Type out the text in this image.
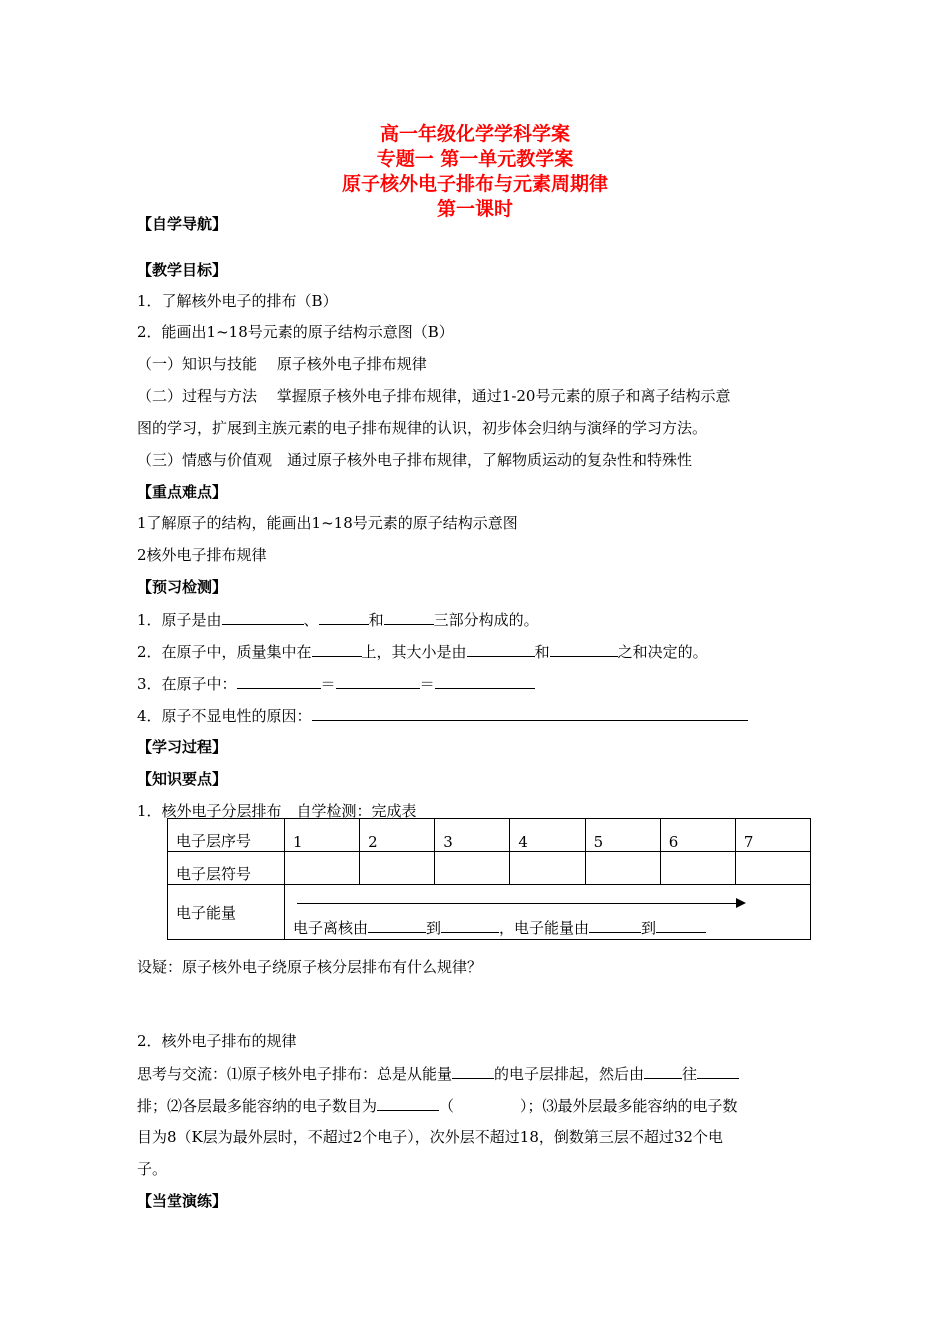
高一年级化学学科学案
专题一 第一单元教学案
原子核外电子排布与元素周期律
第一课时
【自学导航】
【教学目标】
1．了解核外电子的排布（B）
2．能画出1~18号元素的原子结构示意图（B）
（一）知识与技能　 原子核外电子排布规律
（二）过程与方法　 掌握原子核外电子排布规律，通过1-20号元素的原子和离子结构示意
图的学习，扩展到主族元素的电子排布规律的认识，初步体会归纳与演绎的学习方法。
（三）情感与价值观　通过原子核外电子排布规律，了解物质运动的复杂性和特殊性
【重点难点】
1了解原子的结构，能画出1~18号元素的原子结构示意图
2核外电子排布规律
【预习检测】
1．原子是由	、	和	三部分构成的。
2．在原子中，质量集中在	上，其大小是由	和	之和决定的。
3．在原子中：	＝	＝
4．原子不显电性的原因：
【学习过程】
【知识要点】
1．核外电子分层排布　自学检测：完成表
电子层序号	1	2	3	4	5	6	7
电子层符号							
电子能量	电子离核由 到 ，电子能量由 到						
设疑：原子核外电子绕原子核分层排布有什么规律？
2．核外电子排布的规律
思考与交流：⑴原子核外电子排布：总是从能量	的电子层排起，然后由	往
排；⑵各层最多能容纳的电子数目为	（	）；⑶最外层最多能容纳的电子数
目为8（K层为最外层时，不超过2个电子），次外层不超过18，倒数第三层不超过32个电
子。
【当堂演练】
